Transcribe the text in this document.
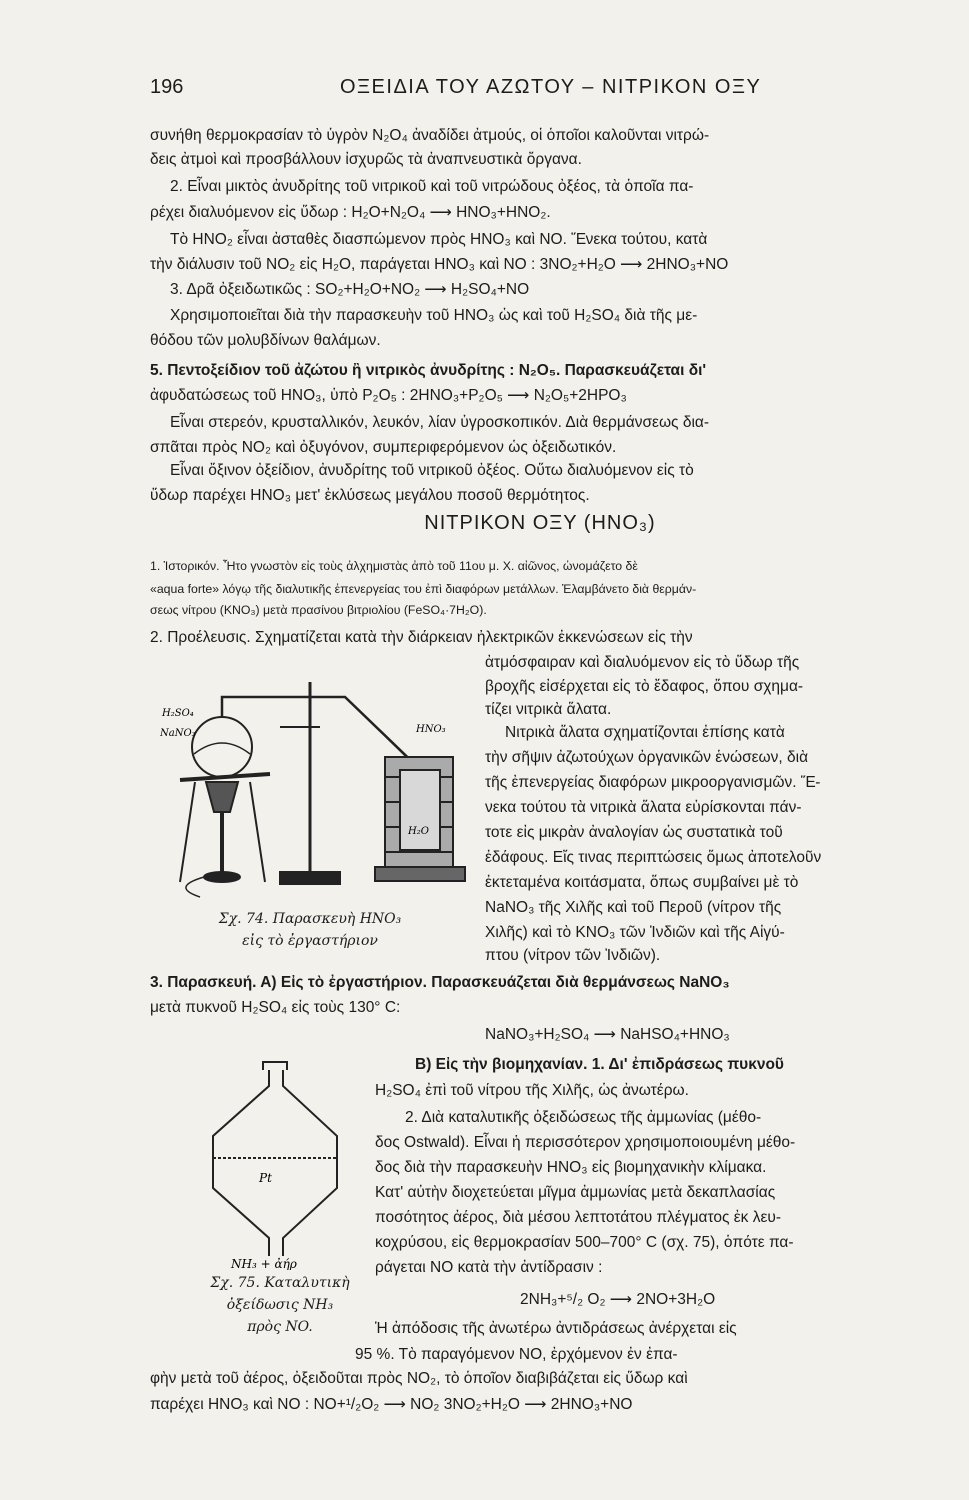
196	ΟΞΕΙΔΙΑ ΤΟΥ ΑΖΩΤΟΥ – ΝΙΤΡΙΚΟΝ ΟΞΥ
συνήθη θερμοκρασίαν τὸ ὑγρὸν N₂O₄ ἀναδίδει ἀτμούς, οἱ ὁποῖοι καλοῦνται νιτρώ-
δεις ἀτμοὶ καὶ προσβάλλουν ἰσχυρῶς τὰ ἀναπνευστικὰ ὄργανα.
2. Εἶναι μικτὸς ἀνυδρίτης τοῦ νιτρικοῦ καὶ τοῦ νιτρώδους ὀξέος, τὰ ὁποῖα πα-
ρέχει διαλυόμενον εἰς ὕδωρ : H₂O+N₂O₄ ⟶ HNO₃+HNO₂.
Τὸ HNO₂ εἶναι ἀσταθὲς διασπώμενον πρὸς HNO₃ καὶ NO. Ἕνεκα τούτου, κατὰ
τὴν διάλυσιν τοῦ NO₂ εἰς H₂O, παράγεται HNO₃ καὶ NO : 3NO₂+H₂O ⟶ 2HNO₃+NO
3. Δρᾶ ὀξειδωτικῶς : SO₂+H₂O+NO₂ ⟶ H₂SO₄+NO
Χρησιμοποιεῖται διὰ τὴν παρασκευὴν τοῦ HNO₃ ὡς καὶ τοῦ H₂SO₄ διὰ τῆς με-
θόδου τῶν μολυβδίνων θαλάμων.
5. Πεντοξείδιον τοῦ ἀζώτου ἢ νιτρικὸς ἀνυδρίτης : N₂O₅. Παρασκευάζεται δι'
ἀφυδατώσεως τοῦ HNO₃, ὑπὸ P₂O₅ : 2HNO₃+P₂O₅ ⟶ N₂O₅+2HPO₃
Εἶναι στερεόν, κρυσταλλικόν, λευκόν, λίαν ὑγροσκοπικόν. Διὰ θερμάνσεως δια-
σπᾶται πρὸς NO₂ καὶ ὀξυγόνον, συμπεριφερόμενον ὡς ὀξειδωτικόν.
Εἶναι ὄξινον ὀξείδιον, ἀνυδρίτης τοῦ νιτρικοῦ ὀξέος. Οὕτω διαλυόμενον εἰς τὸ
ὕδωρ παρέχει HNO₃ μετ' ἐκλύσεως μεγάλου ποσοῦ θερμότητος.
ΝΙΤΡΙΚΟΝ ΟΞΥ (HNO₃)
1. Ἱστορικόν. Ἦτο γνωστὸν εἰς τοὺς ἀλχημιστὰς ἀπὸ τοῦ 11ου μ. Χ. αἰῶνος, ὠνομάζετο δὲ
«aqua forte» λόγῳ τῆς διαλυτικῆς ἐπενεργείας του ἐπὶ διαφόρων μετάλλων. Ἐλαμβάνετο διὰ θερμάν-
σεως νίτρου (KNO₃) μετὰ πρασίνου βιτριολίου (FeSO₄·7H₂O).
2. Προέλευσις. Σχηματίζεται κατὰ τὴν διάρκειαν ἠλεκτρικῶν ἐκκενώσεων εἰς τὴν
ἀτμόσφαιραν καὶ διαλυόμενον εἰς τὸ ὕδωρ τῆς
βροχῆς εἰσέρχεται εἰς τὸ ἔδαφος, ὅπου σχημα-
τίζει νιτρικὰ ἅλατα.
Νιτρικὰ ἅλατα σχηματίζονται ἐπίσης κατὰ
τὴν σῆψιν ἀζωτούχων ὀργανικῶν ἑνώσεων, διὰ
τῆς ἐπενεργείας διαφόρων μικροοργανισμῶν. Ἕ-
νεκα τούτου τὰ νιτρικὰ ἅλατα εὑρίσκονται πάν-
τοτε εἰς μικρὰν ἀναλογίαν ὡς συστατικὰ τοῦ
ἐδάφους. Εἴς τινας περιπτώσεις ὅμως ἀποτελοῦν
ἐκτεταμένα κοιτάσματα, ὅπως συμβαίνει μὲ τὸ
NaNO₃ τῆς Χιλῆς καὶ τοῦ Περοῦ (νίτρον τῆς
Χιλῆς) καὶ τὸ KNO₃ τῶν Ἰνδιῶν καὶ τῆς Αἰγύ-
πτου (νίτρον τῶν Ἰνδιῶν).
H₂SO₄
NaNO₃	HNO₃
H₂O
Σχ. 74. Παρασκευὴ HNO₃
εἰς τὸ ἐργαστήριον
3. Παρασκευή. Α) Εἰς τὸ ἐργαστήριον. Παρασκευάζεται διὰ θερμάνσεως NaNO₃
μετὰ πυκνοῦ H₂SO₄ εἰς τοὺς 130° C:
NaNO₃+H₂SO₄ ⟶ NaHSO₄+HNO₃
Pt
NH₃ + ἀήρ
Σχ. 75. Καταλυτικὴ
ὀξείδωσις NH₃
πρὸς NO.
Β) Εἰς τὴν βιομηχανίαν. 1. Δι' ἐπιδράσεως πυκνοῦ
H₂SO₄ ἐπὶ τοῦ νίτρου τῆς Χιλῆς, ὡς ἀνωτέρω.
2. Διὰ καταλυτικῆς ὀξειδώσεως τῆς ἀμμωνίας (μέθο-
δος Ostwald). Εἶναι ἡ περισσότερον χρησιμοποιουμένη μέθο-
δος διὰ τὴν παρασκευὴν HNO₃ εἰς βιομηχανικὴν κλίμακα.
Κατ' αὐτὴν διοχετεύεται μῖγμα ἀμμωνίας μετὰ δεκαπλασίας
ποσότητος ἀέρος, διὰ μέσου λεπτοτάτου πλέγματος ἐκ λευ-
κοχρύσου, εἰς θερμοκρασίαν 500–700° C (σχ. 75), ὁπότε πα-
ράγεται NO κατὰ τὴν ἀντίδρασιν :
2NH₃+⁵/₂ O₂ ⟶ 2NO+3H₂O
Ἡ ἀπόδοσις τῆς ἀνωτέρω ἀντιδράσεως ἀνέρχεται εἰς
95 %. Τὸ παραγόμενον NO, ἐρχόμενον ἐν ἐπα-
φὴν μετὰ τοῦ ἀέρος, ὀξειδοῦται πρὸς NO₂, τὸ ὁποῖον διαβιβάζεται εἰς ὕδωρ καὶ
παρέχει HNO₃ καὶ NO : NO+¹/₂O₂ ⟶ NO₂ 3NO₂+H₂O ⟶ 2HNO₃+NO
